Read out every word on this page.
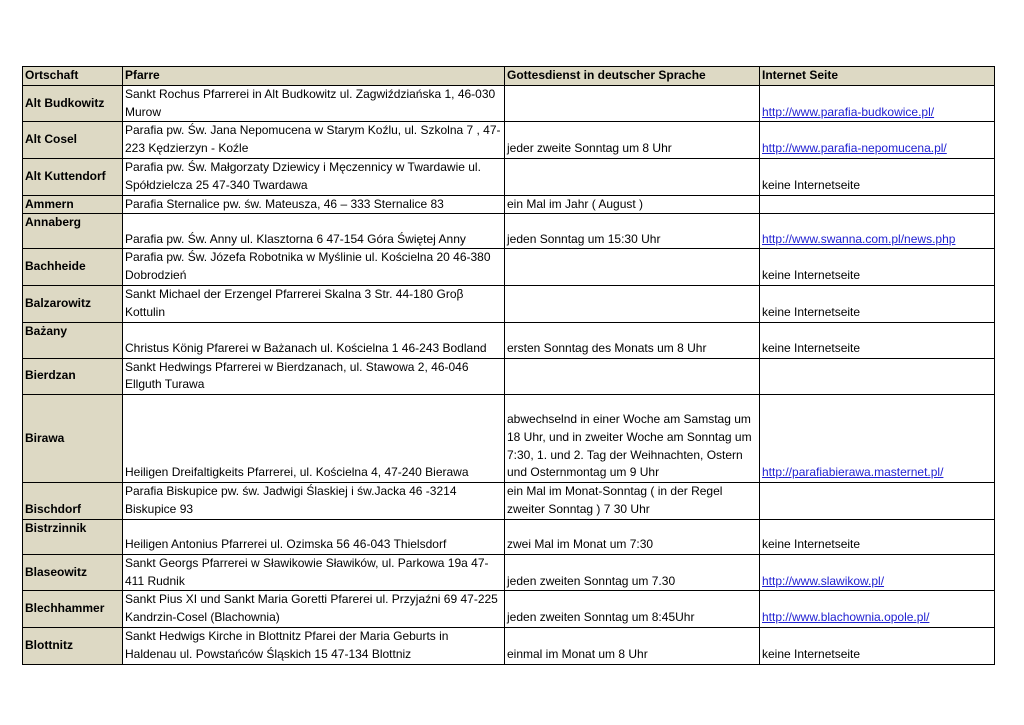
Ortschaft	Pfarre	Gottesdienst in deutscher Sprache	Internet Seite
Alt Budkowitz	Sankt Rochus Pfarrerei in Alt Budkowitz ul. Zagwiździańska 1, 46-030 Murow		http://www.parafia-budkowice.pl/
Alt Cosel	Parafia pw. Św. Jana Nepomucena w Starym Koźlu, ul. Szkolna 7 , 47-223 Kędzierzyn - Koźle	jeder zweite Sonntag um 8 Uhr	http://www.parafia-nepomucena.pl/
Alt Kuttendorf	Parafia pw. Św. Małgorzaty Dziewicy i Męczennicy w Twardawie ul. Spółdzielcza 25 47-340 Twardawa		keine Internetseite
Ammern	Parafia Sternalice pw. św. Mateusza, 46 – 333 Sternalice 83	ein Mal im Jahr ( August )	
Annaberg	Parafia pw. Św. Anny ul. Klasztorna 6 47-154 Góra Świętej Anny	jeden Sonntag um 15:30 Uhr	http://www.swanna.com.pl/news.php
Bachheide	Parafia pw. Św. Józefa Robotnika w Myślinie ul. Kościelna 20 46-380 Dobrodzień		keine Internetseite
Balzarowitz	Sankt Michael der Erzengel Pfarrerei Skalna 3 Str. 44-180 Groβ Kottulin		keine Internetseite
Bażany	Christus König Pfarerei w Bażanach ul. Kościelna 1 46-243 Bodland	ersten Sonntag des Monats um 8 Uhr	keine Internetseite
Bierdzan	Sankt Hedwings Pfarrerei w Bierdzanach, ul. Stawowa 2, 46-046 Ellguth Turawa		
Birawa	Heiligen Dreifaltigkeits Pfarrerei, ul. Kościelna 4, 47-240 Bierawa	abwechselnd in einer Woche am Samstag um 18 Uhr, und in zweiter Woche am Sonntag um 7:30, 1. und 2. Tag der Weihnachten, Ostern und Osternmontag um 9 Uhr	http://parafiabierawa.masternet.pl/
Bischdorf	Parafia Biskupice pw. św. Jadwigi Ślaskiej i św.Jacka 46 -3214 Biskupice 93	ein Mal im Monat-Sonntag ( in der Regel zweiter Sonntag ) 7 30 Uhr	
Bistrzinnik	Heiligen Antonius Pfarrerei ul. Ozimska 56 46-043 Thielsdorf	zwei Mal im Monat um 7:30	keine Internetseite
Blaseowitz	Sankt Georgs Pfarrerei w Sławikowie Sławików, ul. Parkowa 19a 47-411 Rudnik	jeden zweiten Sonntag um 7.30	http://www.slawikow.pl/
Blechhammer	Sankt Pius XI und Sankt Maria Goretti Pfarerei ul. Przyjaźni 69 47-225 Kandrzin-Cosel (Blachownia)	jeden zweiten Sonntag um 8:45Uhr	http://www.blachownia.opole.pl/
Blottnitz	Sankt Hedwigs Kirche in Blottnitz Pfarei der Maria Geburts in Haldenau ul. Powstańców Śląskich 15 47-134 Blottniz	einmal im Monat um 8 Uhr	keine Internetseite
